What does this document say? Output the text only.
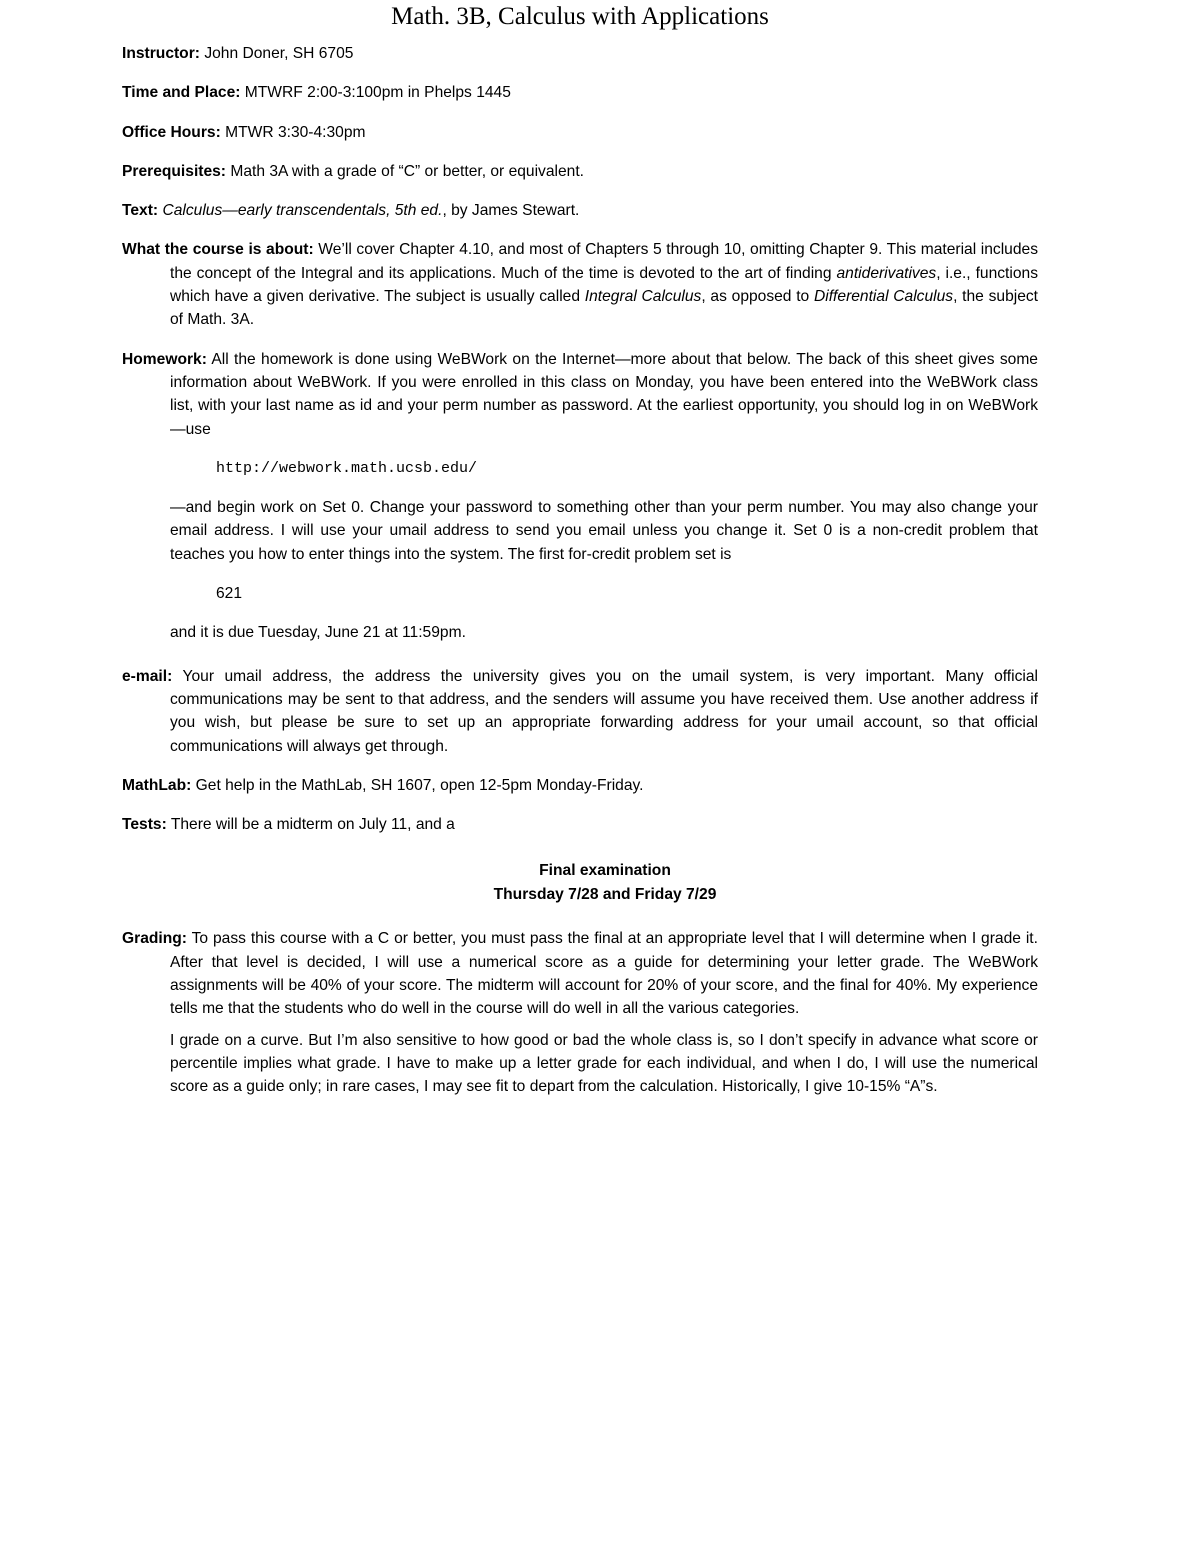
Math. 3B, Calculus with Applications

Instructor: John Doner, SH 6705

Time and Place: MTWRF 2:00-3:100pm in Phelps 1445

Office Hours: MTWR 3:30-4:30pm

Prerequisites: Math 3A with a grade of “C” or better, or equivalent.

Text: Calculus—early transcendentals, 5th ed., by James Stewart.

What the course is about: We’ll cover Chapter 4.10, and most of Chapters 5 through 10, omitting Chapter 9. This material includes the concept of the Integral and its applications. Much of the time is devoted to the art of finding antiderivatives, i.e., functions which have a given derivative. The subject is usually called Integral Calculus, as opposed to Differential Calculus, the subject of Math. 3A.

Homework: All the homework is done using WeBWork on the Internet—more about that below. The back of this sheet gives some information about WeBWork. If you were enrolled in this class on Monday, you have been entered into the WeBWork class list, with your last name as id and your perm number as password. At the earliest opportunity, you should log in on WeBWork—use

http://webwork.math.ucsb.edu/
—and begin work on Set 0. Change your password to something other than your perm number. You may also change your email address. I will use your umail address to send you email unless you change it. Set 0 is a non-credit problem that teaches you how to enter things into the system. The first for-credit problem set is
621
and it is due Tuesday, June 21 at 11:59pm.

e-mail: Your umail address, the address the university gives you on the umail system, is very important. Many official communications may be sent to that address, and the senders will assume you have received them. Use another address if you wish, but please be sure to set up an appropriate forwarding address for your umail account, so that official communications will always get through.

MathLab: Get help in the MathLab, SH 1607, open 12-5pm Monday-Friday.

Tests: There will be a midterm on July 11, and a

Final examination
Thursday 7/28 and Friday 7/29

Grading: To pass this course with a C or better, you must pass the final at an appropriate level that I will determine when I grade it. After that level is decided, I will use a numerical score as a guide for determining your letter grade. The WeBWork assignments will be 40% of your score. The midterm will account for 20% of your score, and the final for 40%. My experience tells me that the students who do well in the course will do well in all the various categories.

I grade on a curve. But I’m also sensitive to how good or bad the whole class is, so I don’t specify in advance what score or percentile implies what grade. I have to make up a letter grade for each individual, and when I do, I will use the numerical score as a guide only; in rare cases, I may see fit to depart from the calculation. Historically, I give 10-15% “A”s.
